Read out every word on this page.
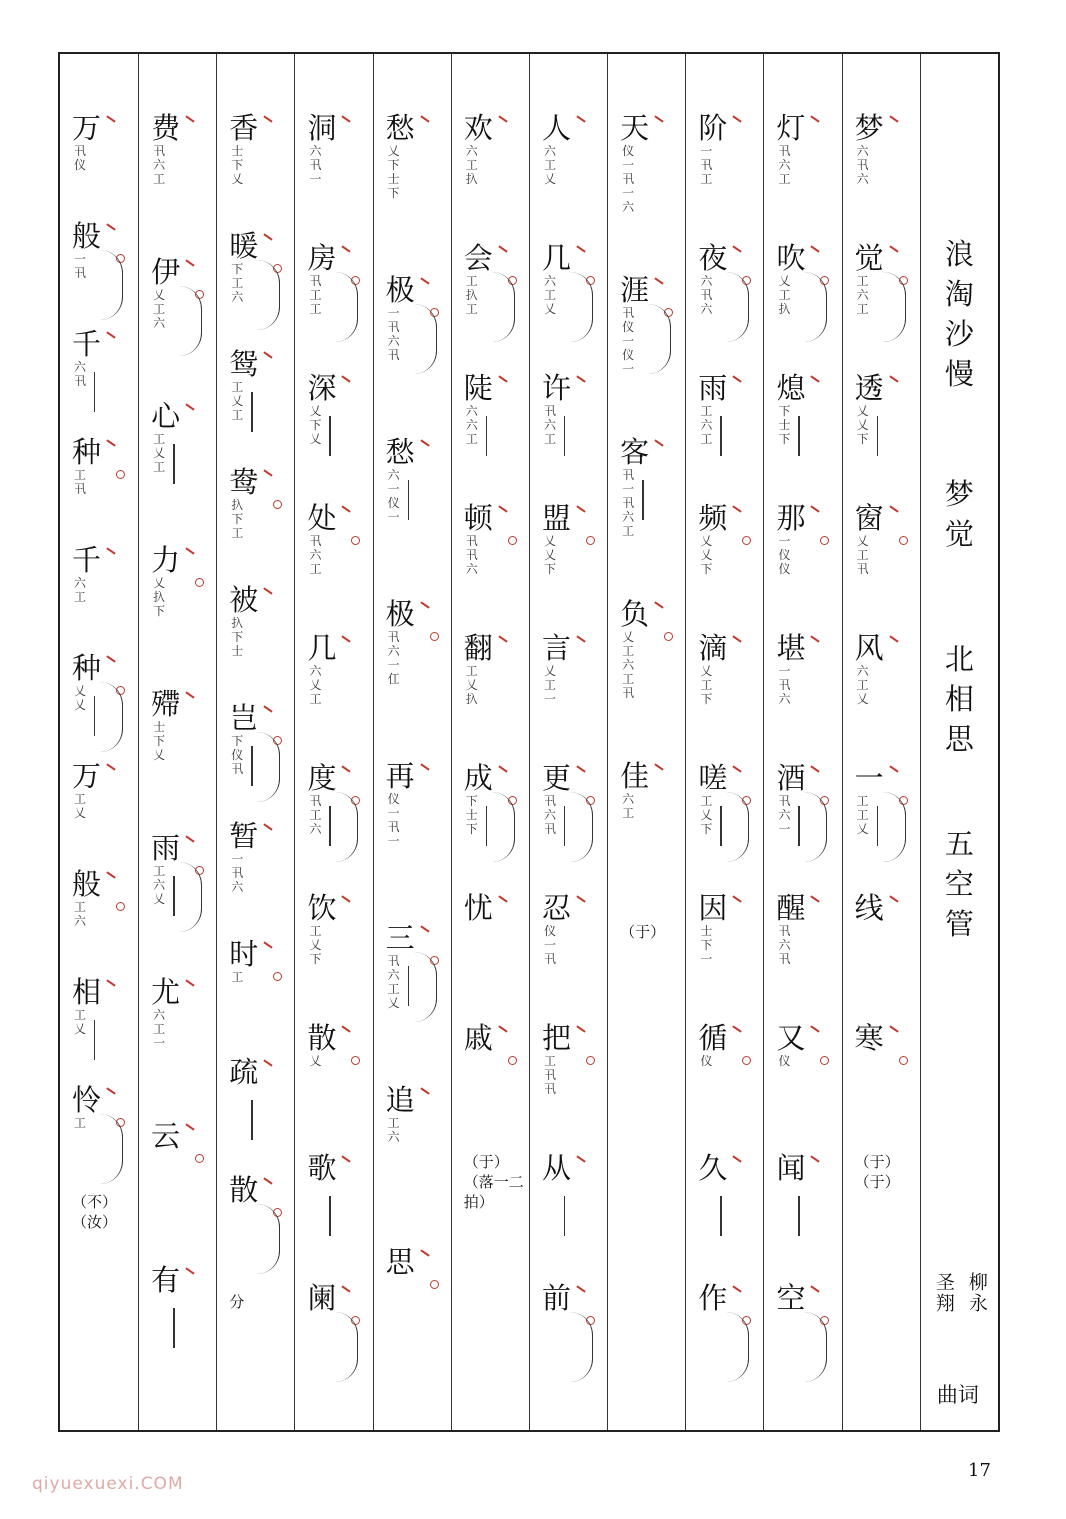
浪
淘
沙
慢
梦
觉
北
相
思
五
空
管
柳永
圣翔
曲词
梦
六
卂
六
觉
工
六
工
透
乂
乂
下
窗
乂
工
卂
风
六
工
乂
一
工
工
乂
线
寒
（于）
（于）
灯
卂
六
工
吹
乂
工
扖
熄
下
士
下
那
一
仪
仪
堪
一
卂
六
酒
卂
六
一
醒
卂
六
卂
又
仪
闻
空
阶
一
卂
工
夜
六
卂
六
雨
工
六
工
频
乂
乂
下
滴
乂
工
下
嗟
工
乂
下
因
士
下
一
循
仪
久
作
天
仪
一
卂
一
六
涯
卂
仪
一
仪
一
客
卂
一
卂
六
工
负
乂
工
六
工
卂
佳
六
工
（于）
人
六
工
乂
几
六
工
乂
许
卂
六
工
盟
乂
乂
下
言
乂
工
一
更
卂
六
卂
忍
仪
一
卂
把
工
卂
卂
从
前
欢
六
工
扖
会
工
扖
工
陡
六
六
工
顿
卂
卂
六
翻
工
乂
扖
成
下
士
下
忧
戚
（于）
（落一二拍）
愁
乂
下
士
下
极
一
卂
六
卂
愁
六
一
仪
一
极
卂
六
一
仜
再
仪
一
卂
一
三
卂
六
工
乂
追
工
六
思
洞
六
卂
一
房
卂
工
工
深
乂
下
乂
处
卂
六
工
几
六
乂
工
度
卂
工
六
饮
工
乂
下
散
乂
歌
阑
香
士
下
乂
暖
下
工
六
鸳
工
乂
工
鸯
扖
下
工
被
扖
下
士
岂
下
仪
卂
暂
一
卂
六
时
工
疏
散
分
费
卂
六
工
伊
乂
工
六
心
工
乂
工
力
乂
扖
下
殢
士
下
乂
雨
工
六
乂
尤
六
工
一
云
有
万
卂
仪
般
一
卂
千
六
卂
种
工
卂
千
六
工
种
乂
乂
万
工
乂
般
工
六
相
工
乂
怜
工
（不）
（汝）
17
qiyuexuexi.COM
